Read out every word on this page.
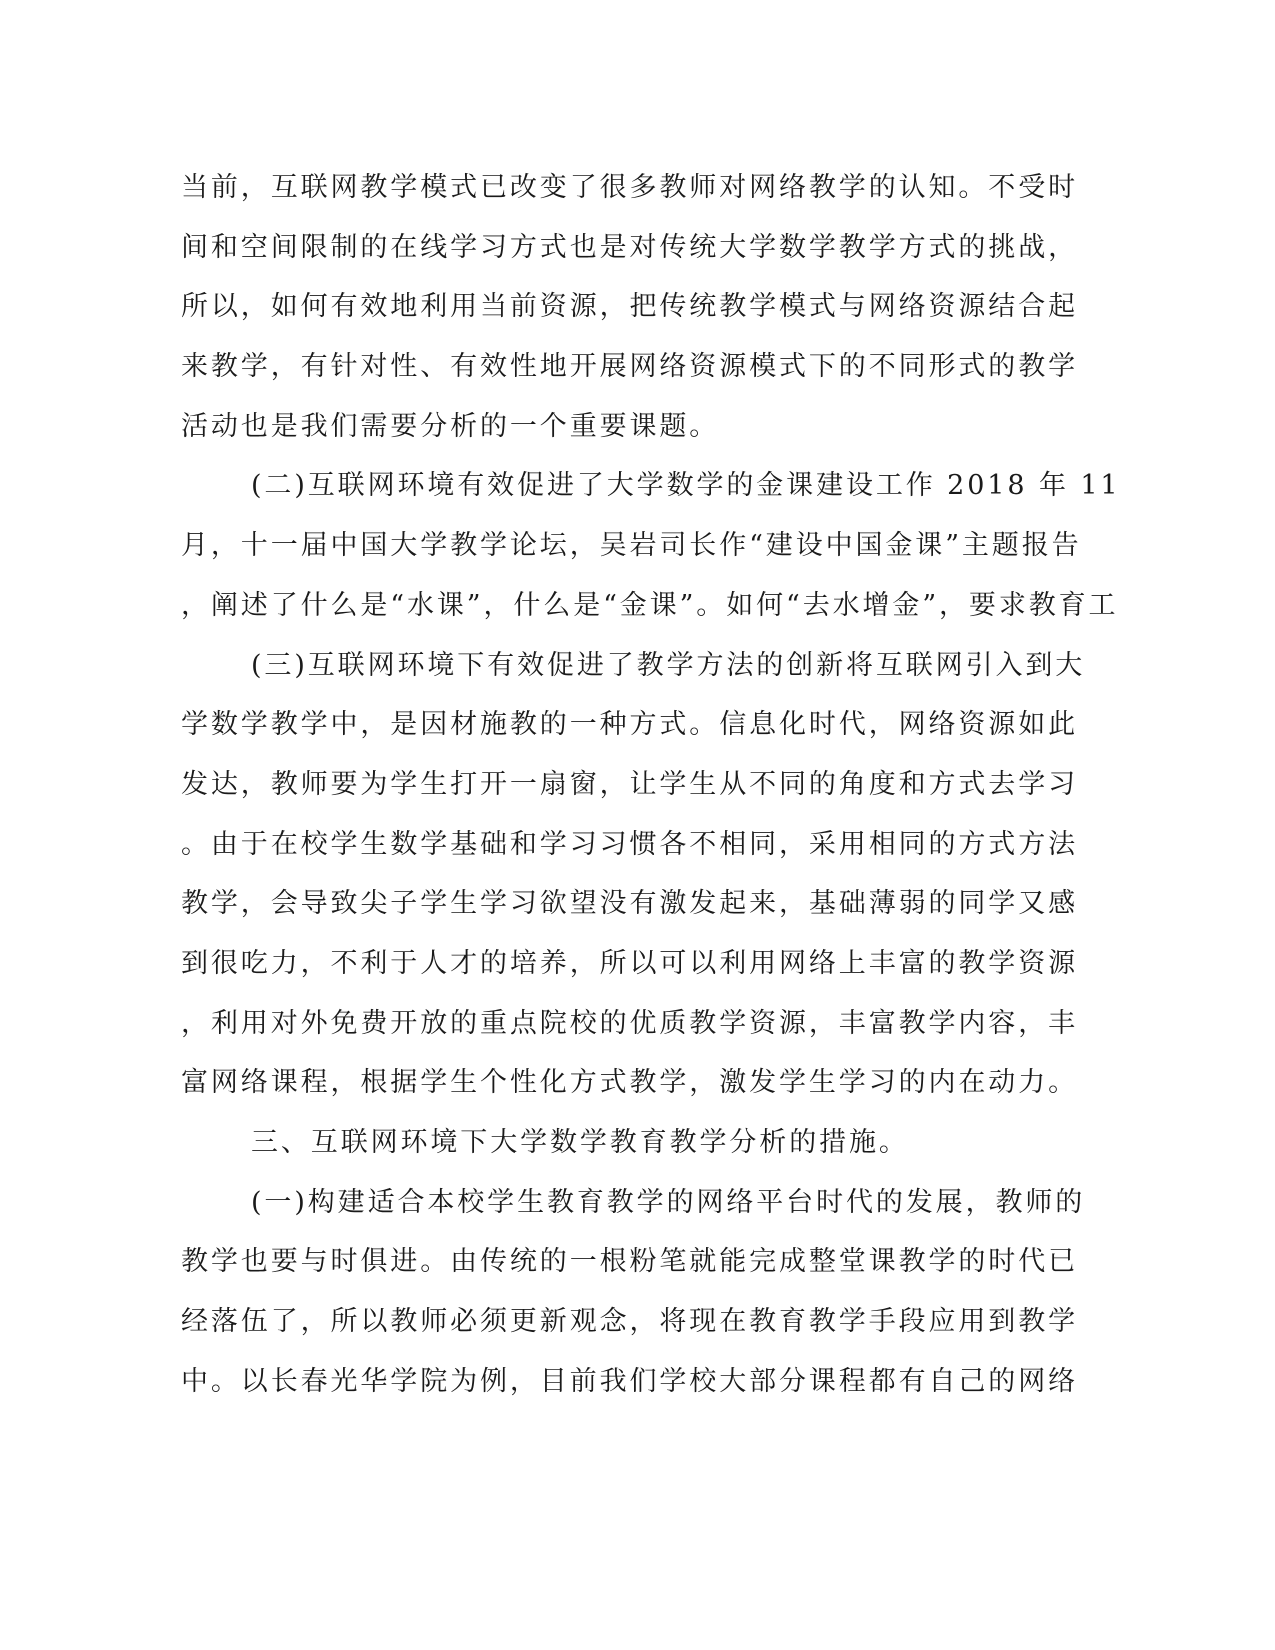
当前，互联网教学模式已改变了很多教师对网络教学的认知。不受时
间和空间限制的在线学习方式也是对传统大学数学教学方式的挑战，
所以，如何有效地利用当前资源，把传统教学模式与网络资源结合起
来教学，有针对性、有效性地开展网络资源模式下的不同形式的教学
活动也是我们需要分析的一个重要课题。
(二)互联网环境有效促进了大学数学的金课建设工作 2018 年 11
月，十一届中国大学教学论坛，吴岩司长作“建设中国金课”主题报告
，阐述了什么是“水课”，什么是“金课”。如何“去水增金”，要求教育工
(三)互联网环境下有效促进了教学方法的创新将互联网引入到大
学数学教学中，是因材施教的一种方式。信息化时代，网络资源如此
发达，教师要为学生打开一扇窗，让学生从不同的角度和方式去学习
。由于在校学生数学基础和学习习惯各不相同，采用相同的方式方法
教学，会导致尖子学生学习欲望没有激发起来，基础薄弱的同学又感
到很吃力，不利于人才的培养，所以可以利用网络上丰富的教学资源
，利用对外免费开放的重点院校的优质教学资源，丰富教学内容，丰
富网络课程，根据学生个性化方式教学，激发学生学习的内在动力。
三、互联网环境下大学数学教育教学分析的措施。
(一)构建适合本校学生教育教学的网络平台时代的发展，教师的
教学也要与时俱进。由传统的一根粉笔就能完成整堂课教学的时代已
经落伍了，所以教师必须更新观念，将现在教育教学手段应用到教学
中。以长春光华学院为例，目前我们学校大部分课程都有自己的网络
